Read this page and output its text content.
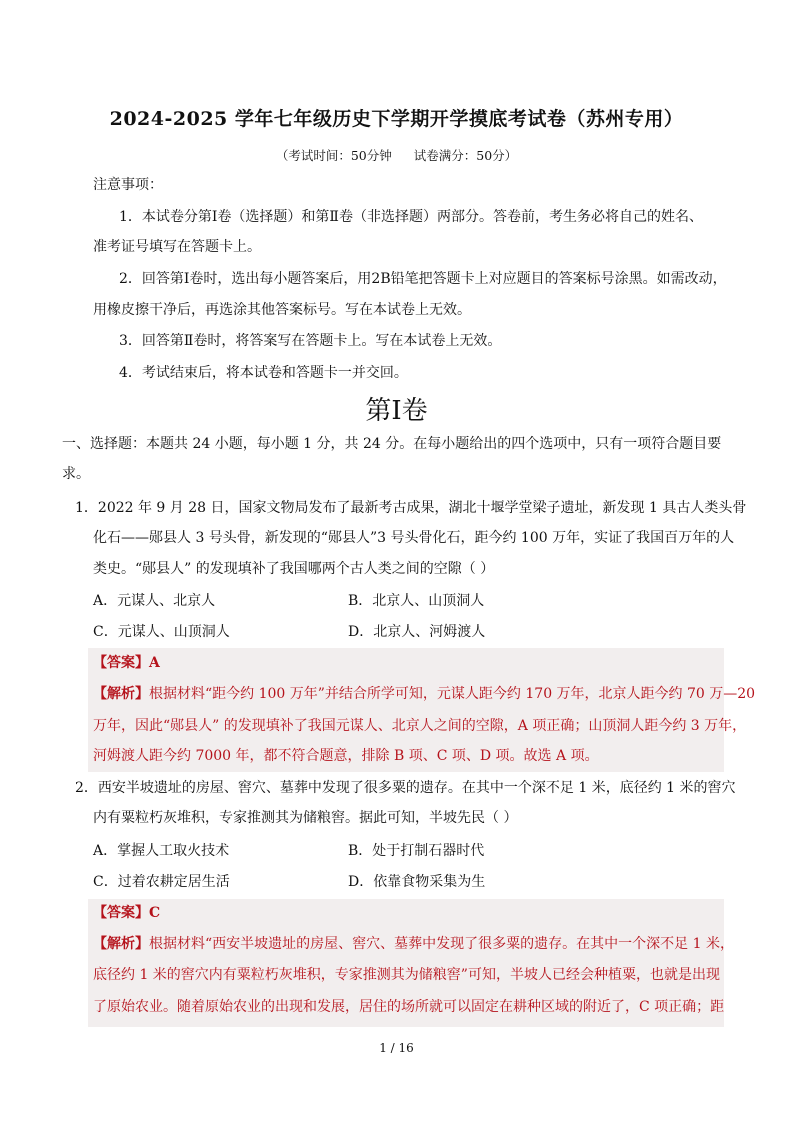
2024-2025 学年七年级历史下学期开学摸底考试卷（苏州专用）
（考试时间：50分钟 试卷满分：50分）
注意事项：
1．本试卷分第Ⅰ卷（选择题）和第Ⅱ卷（非选择题）两部分。答卷前，考生务必将自己的姓名、
准考证号填写在答题卡上。
2．回答第Ⅰ卷时，选出每小题答案后，用2B铅笔把答题卡上对应题目的答案标号涂黑。如需改动，
用橡皮擦干净后，再选涂其他答案标号。写在本试卷上无效。
3．回答第Ⅱ卷时，将答案写在答题卡上。写在本试卷上无效。
4．考试结束后，将本试卷和答题卡一并交回。
第Ⅰ卷
一、选择题：本题共 24 小题，每小题 1 分，共 24 分。在每小题给出的四个选项中，只有一项符合题目要
求。
1．2022 年 9 月 28 日，国家文物局发布了最新考古成果，湖北十堰学堂梁子遗址，新发现 1 具古人类头骨
化石——郧县人 3 号头骨，新发现的“郧县人”3 号头骨化石，距今约 100 万年，实证了我国百万年的人
类史。“郧县人” 的发现填补了我国哪两个古人类之间的空隙（ ）
A．元谋人、北京人	B．北京人、山顶洞人
C．元谋人、山顶洞人	D．北京人、河姆渡人
【答案】A
【解析】根据材料“距今约 100 万年”并结合所学可知，元谋人距今约 170 万年，北京人距今约 70 万—20
万年，因此“郧县人” 的发现填补了我国元谋人、北京人之间的空隙，A 项正确；山顶洞人距今约 3 万年，
河姆渡人距今约 7000 年，都不符合题意，排除 B 项、C 项、D 项。故选 A 项。
2．西安半坡遗址的房屋、窖穴、墓葬中发现了很多粟的遗存。在其中一个深不足 1 米，底径约 1 米的窖穴
内有粟粒朽灰堆积，专家推测其为储粮窖。据此可知，半坡先民（ ）
A．掌握人工取火技术	B．处于打制石器时代
C．过着农耕定居生活	D．依靠食物采集为生
【答案】C
【解析】根据材料“西安半坡遗址的房屋、窖穴、墓葬中发现了很多粟的遗存。在其中一个深不足 1 米，
底径约 1 米的窖穴内有粟粒朽灰堆积，专家推测其为储粮窖”可知，半坡人已经会种植粟，也就是出现
了原始农业。随着原始农业的出现和发展，居住的场所就可以固定在耕种区域的附近了，C 项正确；距
1 / 16
